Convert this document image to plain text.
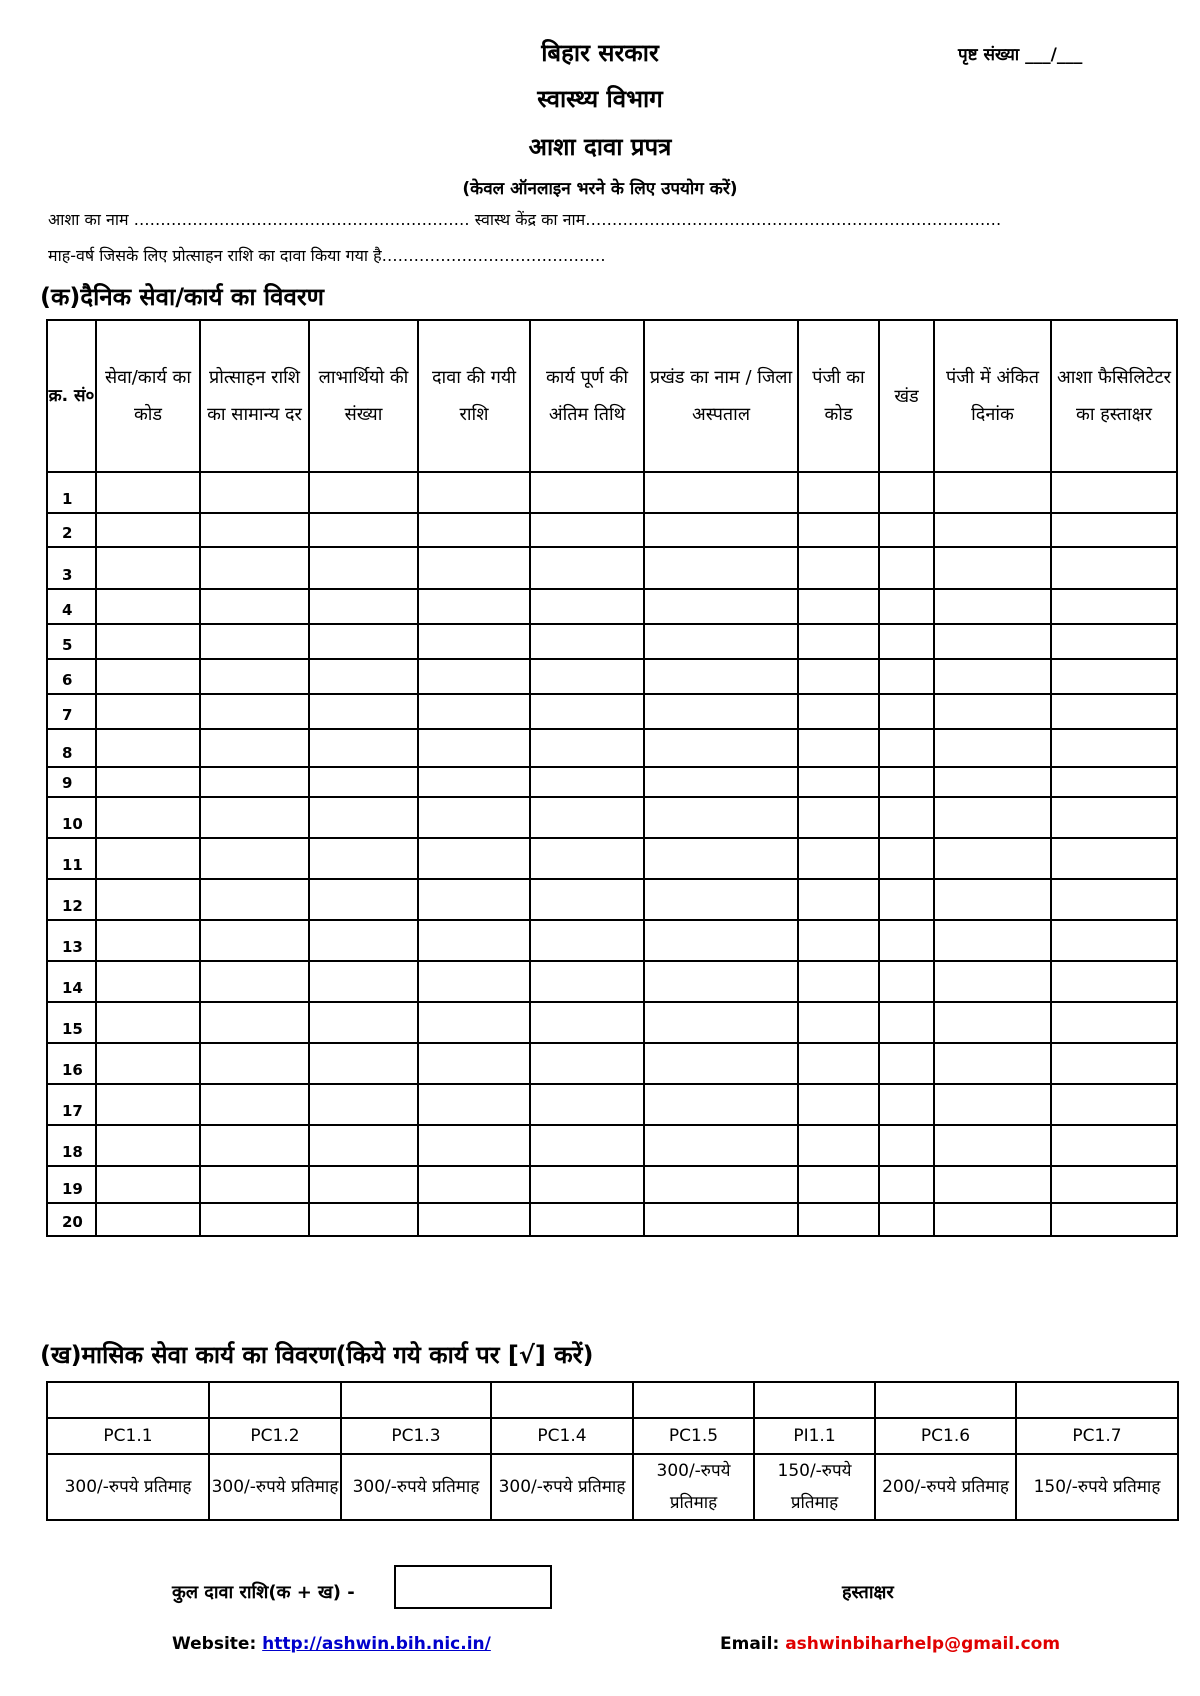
बिहार सरकार
स्वास्थ्य विभाग
आशा दावा प्रपत्र
(केवल ऑनलाइन भरने के लिए उपयोग करें)
पृष्ट संख्या ___/___
आशा का नाम ……………………………………………………… स्वास्थ केंद्र का नाम……………………………………………………………………
माह-वर्ष जिसके लिए प्रोत्साहन राशि का दावा किया गया है……………………………………
(क)दैनिक सेवा/कार्य का विवरण
क्र. सं०	सेवा/कार्य का कोड	प्रोत्साहन राशि का सामान्य दर	लाभार्थियो की संख्या	दावा की गयी राशि	कार्य पूर्ण की अंतिम तिथि	प्रखंड का नाम / जिला अस्पताल	पंजी का कोड	खंड	पंजी में अंकित दिनांक	आशा फैसिलिटेटर का हस्ताक्षर
1										
2										
3										
4										
5										
6										
7										
8										
9										
10										
11										
12										
13										
14										
15										
16										
17										
18										
19										
20										
(ख)मासिक सेवा कार्य का विवरण(किये गये कार्य पर [√] करें)

PC1.1	PC1.2	PC1.3	PC1.4	PC1.5	PI1.1	PC1.6	PC1.7
300/-रुपये प्रतिमाह	300/-रुपये प्रतिमाह	300/-रुपये प्रतिमाह	300/-रुपये प्रतिमाह	300/-रुपये प्रतिमाह	150/-रुपये प्रतिमाह	200/-रुपये प्रतिमाह	150/-रुपये प्रतिमाह
कुल दावा राशि(क + ख) -	हस्ताक्षर
Website: http://ashwin.bih.nic.in/	Email: ashwinbiharhelp@gmail.com
